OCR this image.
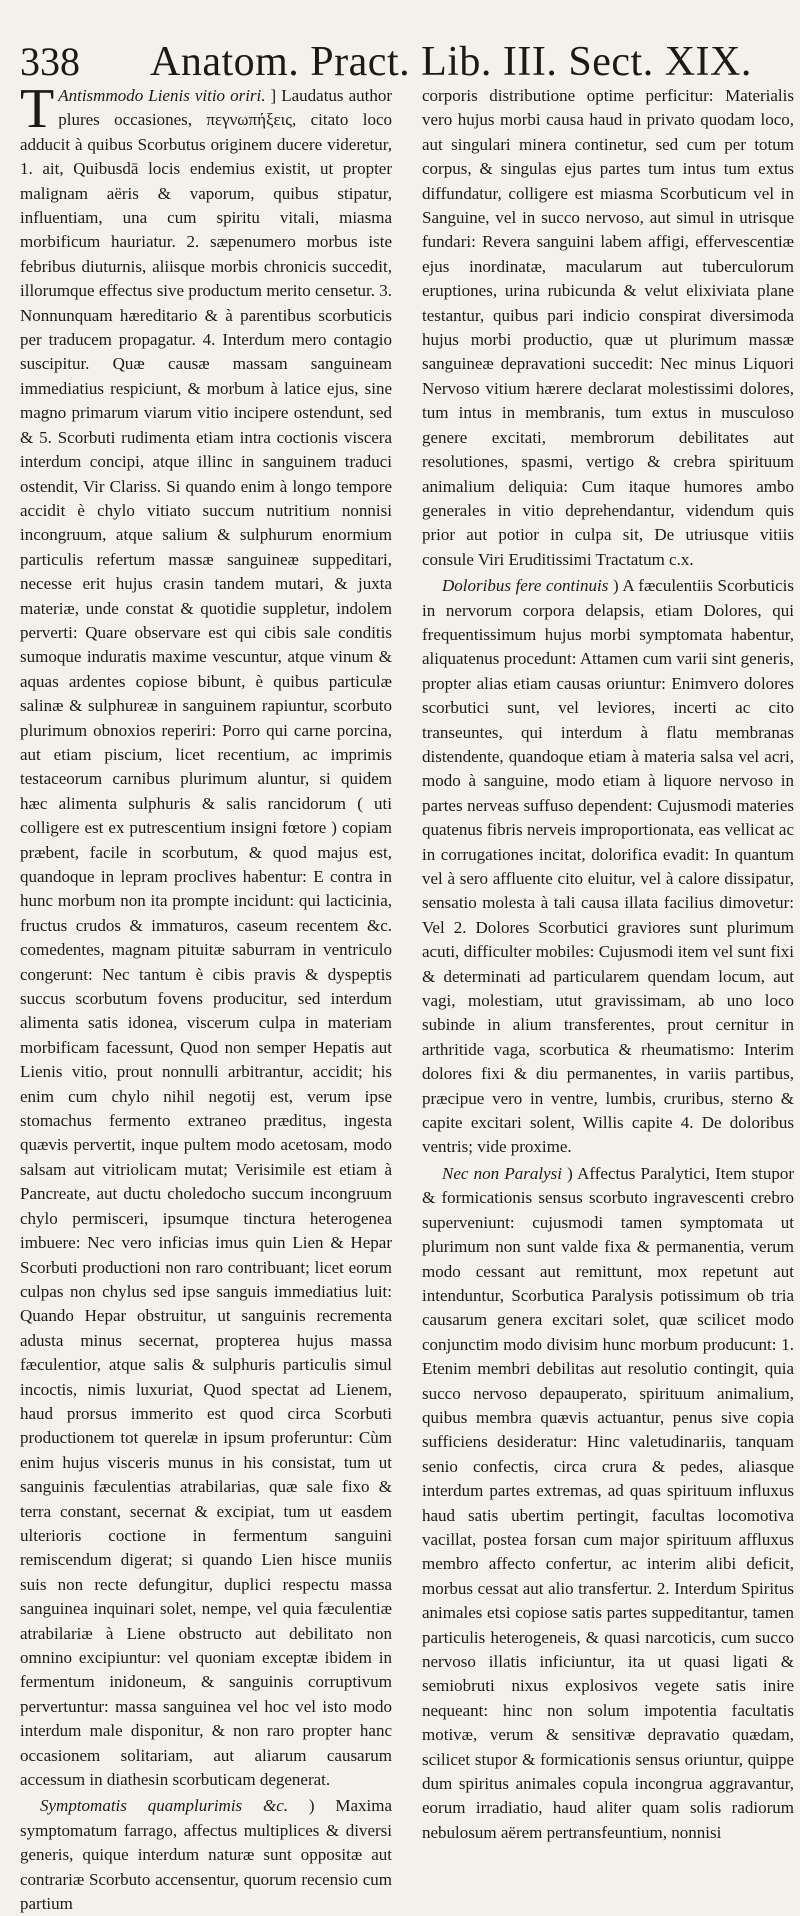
338 Anatom. Pract. Lib. III. Sect. XIX.

T Antismmodo Lienis vitio oriri. ] Laudatus author plures occasiones, πεγνωπήξεις, citato loco adducit à quibus Scorbutus originem ducere videretur, 1. ait, Quibusdā locis endemius existit, ut propter malignam aëris & vaporum, quibus stipatur, influentiam, una cum spiritu vitali, miasma morbificum hauriatur. 2. sæpenumero morbus iste febribus diuturnis, aliisque morbis chronicis succedit, illorumque effectus sive productum merito censetur. 3. Nonnunquam hæreditario & à parentibus scorbuticis per traducem propagatur. 4. Interdum mero contagio suscipitur. Quæ causæ massam sanguineam immediatius respiciunt, & morbum à latice ejus, sine magno primarum viarum vitio incipere ostendunt, sed & 5. Scorbuti rudimenta etiam intra coctionis viscera interdum concipi, atque illinc in sanguinem traduci ostendit, Vir Clariss. Si quando enim à longo tempore accidit è chylo vitiato succum nutritium nonnisi incongruum, atque salium & sulphurum enormium particulis refertum massæ sanguineæ suppeditari, necesse erit hujus crasin tandem mutari, & juxta materiæ, unde constat & quotidie suppletur, indolem perverti: Quare observare est qui cibis sale conditis sumoque induratis maxime vescuntur, atque vinum & aquas ardentes copiose bibunt, è quibus particulæ salinæ & sulphureæ in sanguinem rapiuntur, scorbuto plurimum obnoxios reperiri: Porro qui carne porcina, aut etiam piscium, licet recentium, ac imprimis testaceorum carnibus plurimum aluntur, si quidem hæc alimenta sulphuris & salis rancidorum ( uti colligere est ex putrescentium insigni fœtore ) copiam præbent, facile in scorbutum, & quod majus est, quandoque in lepram proclives habentur: E contra in hunc morbum non ita prompte incidunt: qui lacticinia, fructus crudos & immaturos, caseum recentem &c. comedentes, magnam pituitæ saburram in ventriculo congerunt: Nec tantum è cibis pravis & dyspeptis succus scorbutum fovens producitur, sed interdum alimenta satis idonea, viscerum culpa in materiam morbificam facessunt, Quod non semper Hepatis aut Lienis vitio, prout nonnulli arbitrantur, accidit; his enim cum chylo nihil negotij est, verum ipse stomachus fermento extraneo præditus, ingesta quævis pervertit, inque pultem modo acetosam, modo salsam aut vitriolicam mutat; Verisimile est etiam à Pancreate, aut ductu choledocho succum incongruum chylo permisceri, ipsumque tinctura heterogenea imbuere: Nec vero inficias imus quin Lien & Hepar Scorbuti productioni non raro contribuant; licet eorum culpas non chylus sed ipse sanguis immediatius luit: Quando Hepar obstruitur, ut sanguinis recrementa adusta minus secernat, propterea hujus massa fæculentior, atque salis & sulphuris particulis simul incoctis, nimis luxuriat, Quod spectat ad Lienem, haud prorsus immerito est quod circa Scorbuti productionem tot querelæ in ipsum proferuntur: Cùm enim hujus visceris munus in his consistat, tum ut sanguinis fæculentias atrabilarias, quæ sale fixo & terra constant, secernat & excipiat, tum ut easdem ulterioris coctione in fermentum sanguini remiscendum digerat; si quando Lien hisce muniis suis non recte defungitur, duplici respectu massa sanguinea inquinari solet, nempe, vel quia fæculentiæ atrabilariæ à Liene obstructo aut debilitato non omnino excipiuntur: vel quoniam exceptæ ibidem in fermentum inidoneum, & sanguinis corruptivum pervertuntur: massa sanguinea vel hoc vel isto modo interdum male disponitur, & non raro propter hanc occasionem solitariam, aut aliarum causarum accessum in diathesin scorbuticam degenerat.

Symptomatis quamplurimis &c. ) Maxima symptomatum farrago, affectus multiplices & diversi generis, quique interdum naturæ sunt oppositæ aut contrariæ Scorbuto accensentur, quorum recensio cum partium

corporis distributione optime perficitur: Materialis vero hujus morbi causa haud in privato quodam loco, aut singulari minera continetur, sed cum per totum corpus, & singulas ejus partes tum intus tum extus diffundatur, colligere est miasma Scorbuticum vel in Sanguine, vel in succo nervoso, aut simul in utrisque fundari: Revera sanguini labem affigi, effervescentiæ ejus inordinatæ, macularum aut tuberculorum eruptiones, urina rubicunda & velut elixiviata plane testantur, quibus pari indicio conspirat diversimoda hujus morbi productio, quæ ut plurimum massæ sanguineæ depravationi succedit: Nec minus Liquori Nervoso vitium hærere declarat molestissimi dolores, tum intus in membranis, tum extus in musculoso genere excitati, membrorum debilitates aut resolutiones, spasmi, vertigo & crebra spirituum animalium deliquia: Cum itaque humores ambo generales in vitio deprehendantur, videndum quis prior aut potior in culpa sit, De utriusque vitiis consule Viri Eruditissimi Tractatum c.x.

Doloribus fere continuis ) A fæculentiis Scorbuticis in nervorum corpora delapsis, etiam Dolores, qui frequentissimum hujus morbi symptomata habentur, aliquatenus procedunt: Attamen cum varii sint generis, propter alias etiam causas oriuntur: Enimvero dolores scorbutici sunt, vel leviores, incerti ac cito transeuntes, qui interdum à flatu membranas distendente, quandoque etiam à materia salsa vel acri, modo à sanguine, modo etiam à liquore nervoso in partes nerveas suffuso dependent: Cujusmodi materies quatenus fibris nerveis improportionata, eas vellicat ac in corrugationes incitat, dolorifica evadit: In quantum vel à sero affluente cito eluitur, vel à calore dissipatur, sensatio molesta à tali causa illata facilius dimovetur: Vel 2. Dolores Scorbutici graviores sunt plurimum acuti, difficulter mobiles: Cujusmodi item vel sunt fixi & determinati ad particularem quendam locum, aut vagi, molestiam, utut gravissimam, ab uno loco subinde in alium transferentes, prout cernitur in arthritide vaga, scorbutica & rheumatismo: Interim dolores fixi & diu permanentes, in variis partibus, præcipue vero in ventre, lumbis, cruribus, sterno & capite excitari solent, Willis capite 4. De doloribus ventris; vide proxime.

Nec non Paralysi ) Affectus Paralytici, Item stupor & formicationis sensus scorbuto ingravescenti crebro superveniunt: cujusmodi tamen symptomata ut plurimum non sunt valde fixa & permanentia, verum modo cessant aut remittunt, mox repetunt aut intenduntur, Scorbutica Paralysis potissimum ob tria causarum genera excitari solet, quæ scilicet modo conjunctim modo divisim hunc morbum producunt: 1. Etenim membri debilitas aut resolutio contingit, quia succo nervoso depauperato, spirituum animalium, quibus membra quævis actuantur, penus sive copia sufficiens desideratur: Hinc valetudinariis, tanquam senio confectis, circa crura & pedes, aliasque interdum partes extremas, ad quas spirituum influxus haud satis ubertim pertingit, facultas locomotiva vacillat, postea forsan cum major spirituum affluxus membro affecto confertur, ac interim alibi deficit, morbus cessat aut alio transfertur. 2. Interdum Spiritus animales etsi copiose satis partes suppeditantur, tamen particulis heterogeneis, & quasi narcoticis, cum succo nervoso illatis inficiuntur, ita ut quasi ligati & semiobruti nixus explosivos vegete satis inire nequeant: hinc non solum impotentia facultatis motivæ, verum & sensitivæ depravatio quædam, scilicet stupor & formicationis sensus oriuntur, quippe dum spiritus animales copula incongrua aggravantur, eorum irradiatio, haud aliter quam solis radiorum nebulosum aërem pertransfeuntium, nonnisi
